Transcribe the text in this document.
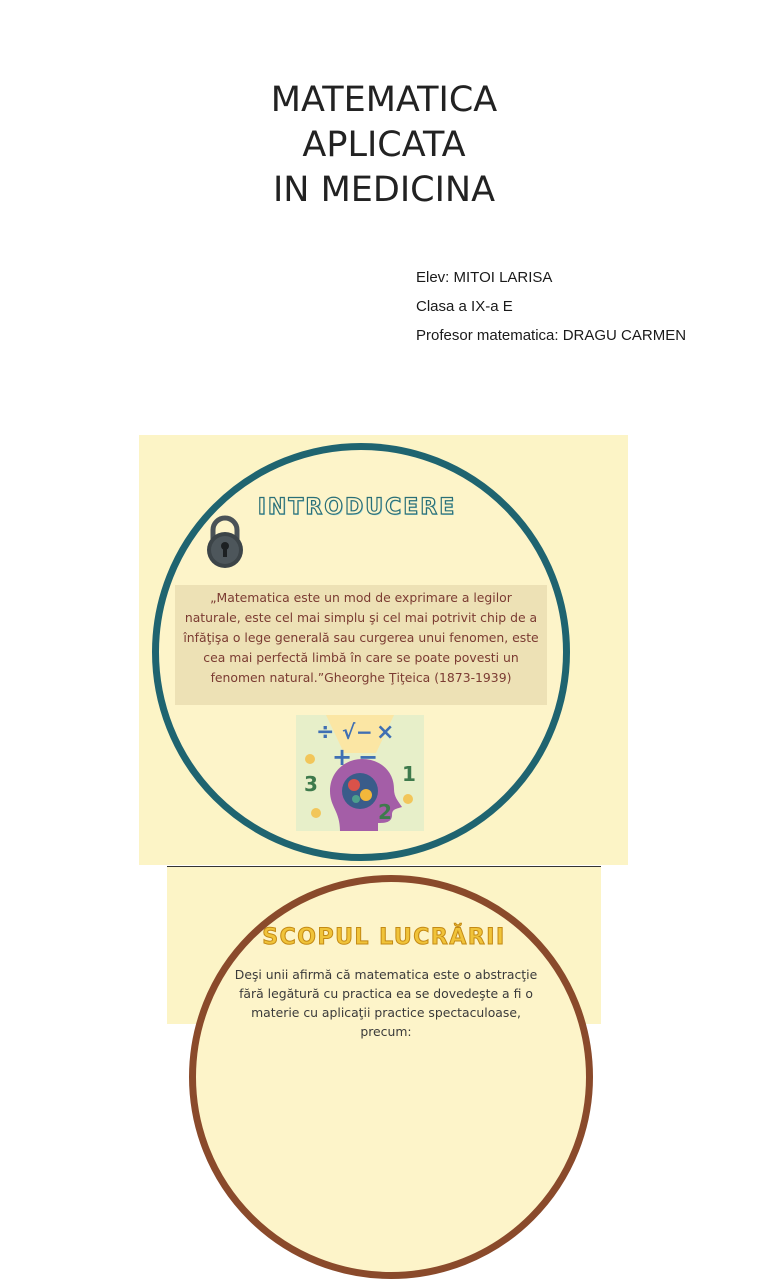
MATEMATICA
APLICATA
IN MEDICINA
Elev: MITOI LARISA
Clasa a IX-a E
Profesor matematica: DRAGU CARMEN
INTRODUCERE

„Matematica este un mod de exprimare a legilor naturale, este cel mai simplu şi cel mai potrivit chip de a înfăţişa o lege generală sau curgerea unui fenomen, este cea mai perfectă limbă în care se poate povesti un fenomen natural.”Gheorghe Ţiţeica (1873-1939)

÷ √ − ×
+ −
3	1
2
SCOPUL LUCRĂRII

Deşi unii afirmă că matematica este o abstracţie fără legătură cu practica ea se dovedeşte a fi o materie cu aplicaţii practice spectaculoase, precum:
